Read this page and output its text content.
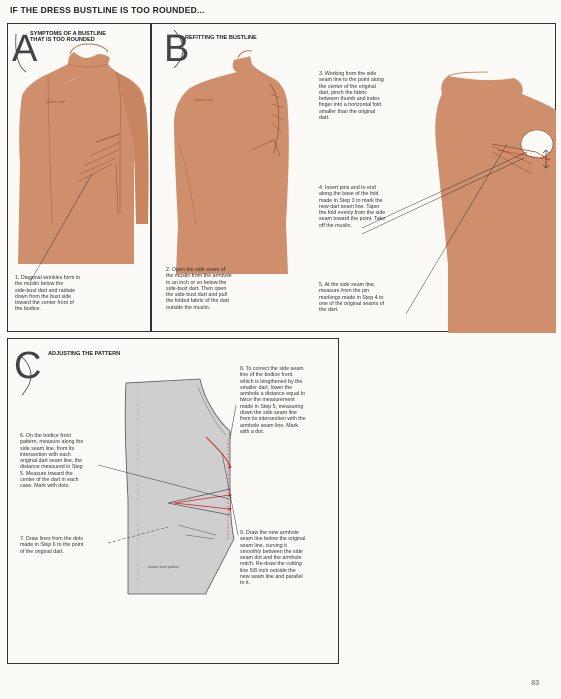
IF THE DRESS BUSTLINE IS TOO ROUNDED...
A
SYMPTOMS OF A BUSTLINE
THAT IS TOO ROUNDED
bodice front
1. Diagonal wrinkles form in
the muslin below the
side-bust dart and radiate
down from the bust side
toward the center front of
the bodice.
B
REFITTING THE BUSTLINE
bodice front
2. Open the side seam of
the muslin from the armhole
to an inch or so below the
side-bust dart. Then open
the side-bust dart and pull
the folded fabric of the dart
outside the muslin.
3. Working from the side
seam line to the point along
the center of the original
dart, pinch the fabric
between thumb and index
finger into a horizontal fold
smaller than the original
dart.
4. Insert pins and to end
along the base of the fold
made in Step 3 to mark the
new dart seam line. Taper
the fold evenly from the side
seam toward the point. Take
off the muslin.
5. At the side seam line,
measure from the pin
markings made in Step 4 to
one of the original seams of
the dart.
C ADJUSTING THE PATTERN
bodice front pattern
6. On the bodice front
pattern, measure along the
side seam line, from its
intersection with each
original dart seam line, the
distance measured in Step
5. Measure toward the
center of the dart in each
case. Mark with dots.
7. Draw lines from the dots
made in Step 6 to the point
of the original dart.
8. To correct the side seam
line of the bodice front,
which is lengthened by the
smaller dart, lower the
armhole a distance equal to
twice the measurement
made in Step 5, measuring
down the side seam line
from its intersection with the
armhole seam line. Mark
with a dot.
9. Draw the new armhole
seam line below the original
seam line, curving it
smoothly between the side
seam dot and the armhole
notch. Re-draw the cutting
line 5/8 inch outside the
new seam line and parallel
to it.
83
